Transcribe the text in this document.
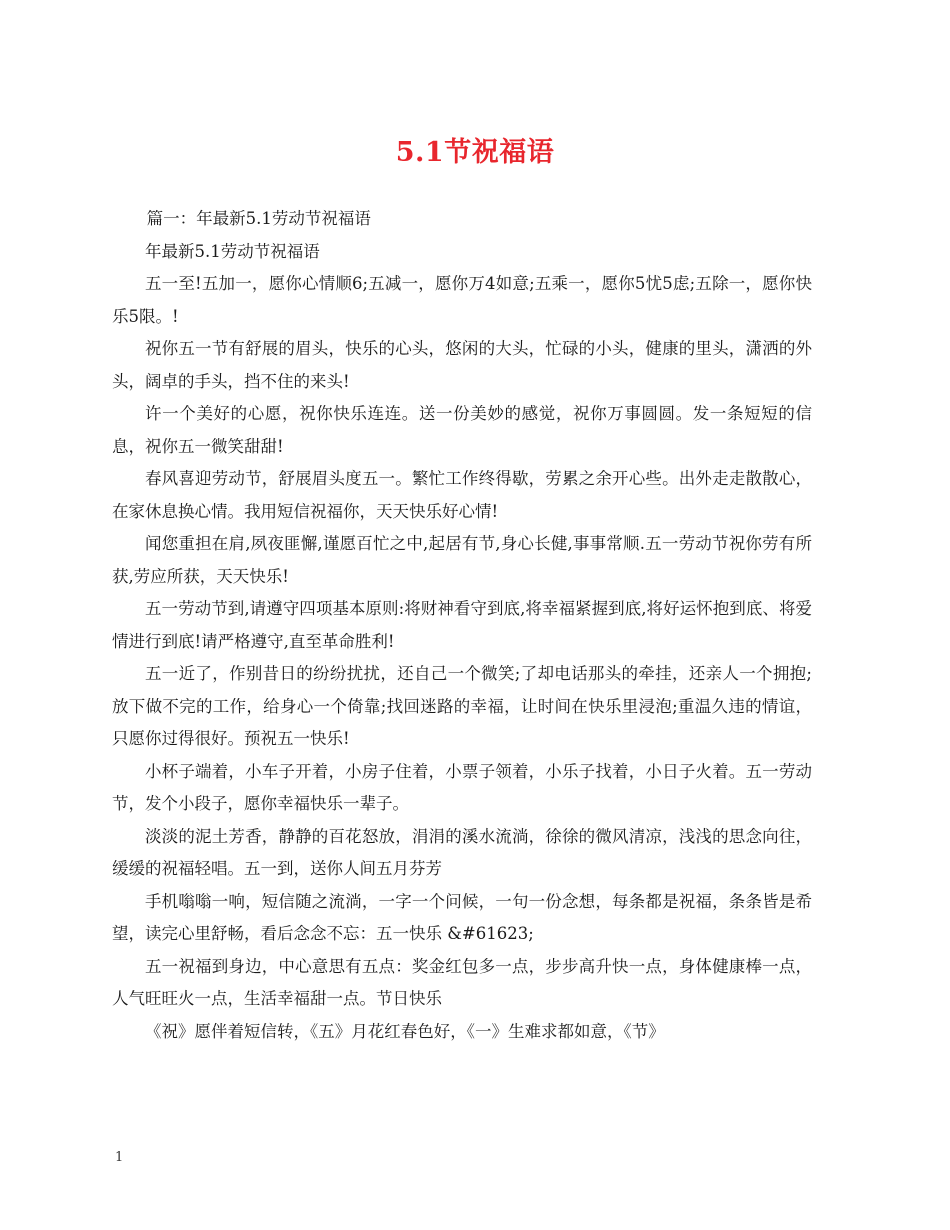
5.1节祝福语

篇一：年最新5.1劳动节祝福语

年最新5.1劳动节祝福语

五一至!五加一，愿你心情顺6;五减一，愿你万4如意;五乘一，愿你5忧5虑;五除一，愿你快乐5限。!

祝你五一节有舒展的眉头，快乐的心头，悠闲的大头，忙碌的小头，健康的里头，潇洒的外头，阔卓的手头，挡不住的来头!

许一个美好的心愿，祝你快乐连连。送一份美妙的感觉，祝你万事圆圆。发一条短短的信息，祝你五一微笑甜甜!

春风喜迎劳动节，舒展眉头度五一。繁忙工作终得歇，劳累之余开心些。出外走走散散心，在家休息换心情。我用短信祝福你，天天快乐好心情!

闻您重担在肩,夙夜匪懈,谨愿百忙之中,起居有节,身心长健,事事常顺.五一劳动节祝你劳有所获,劳应所获，天天快乐!

五一劳动节到,请遵守四项基本原则:将财神看守到底,将幸福紧握到底,将好运怀抱到底、将爱情进行到底!请严格遵守,直至革命胜利!

五一近了，作别昔日的纷纷扰扰，还自己一个微笑;了却电话那头的牵挂，还亲人一个拥抱;放下做不完的工作，给身心一个倚靠;找回迷路的幸福，让时间在快乐里浸泡;重温久违的情谊，只愿你过得很好。预祝五一快乐!

小杯子端着，小车子开着，小房子住着，小票子领着，小乐子找着，小日子火着。五一劳动节，发个小段子，愿你幸福快乐一辈子。

淡淡的泥土芳香，静静的百花怒放，涓涓的溪水流淌，徐徐的微风清凉，浅浅的思念向往，缓缓的祝福轻唱。五一到，送你人间五月芬芳

手机嗡嗡一响，短信随之流淌，一字一个问候，一句一份念想，每条都是祝福，条条皆是希望，读完心里舒畅，看后念念不忘：五一快乐 &#61623;

五一祝福到身边，中心意思有五点：奖金红包多一点，步步高升快一点，身体健康棒一点，人气旺旺火一点，生活幸福甜一点。节日快乐

《祝》愿伴着短信转，《五》月花红春色好，《一》生难求都如意，《节》

1
